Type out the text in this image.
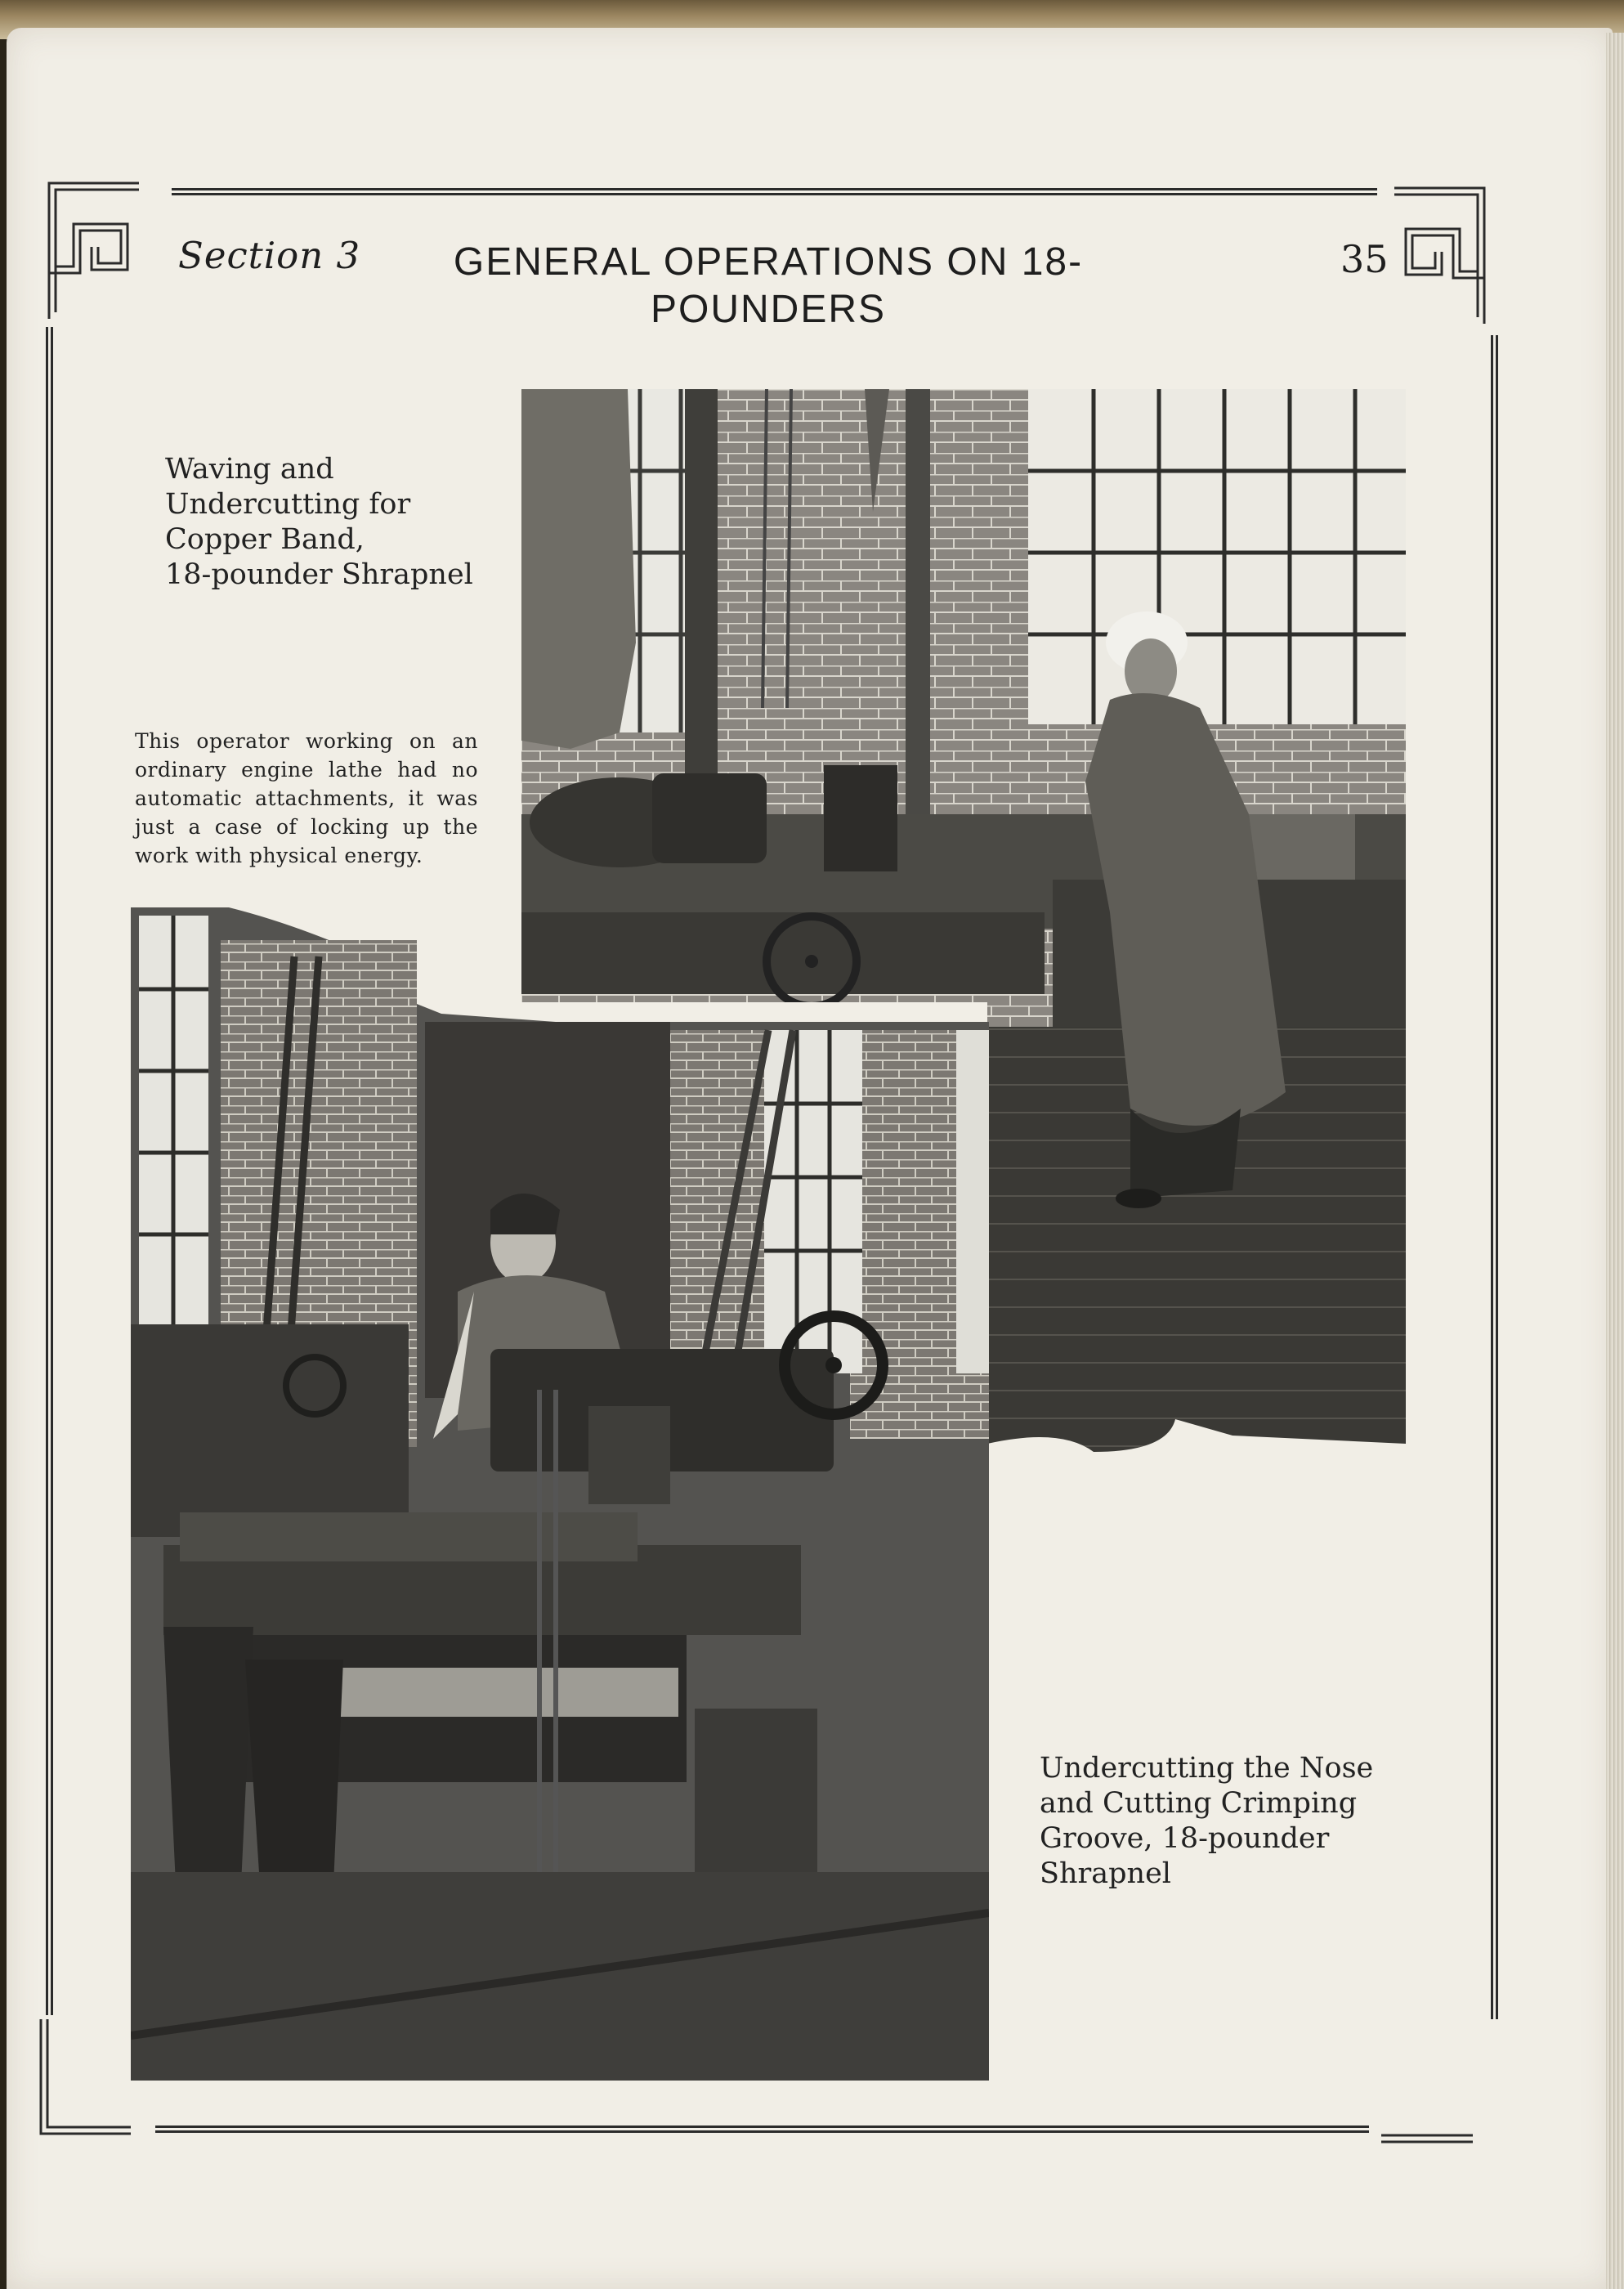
Section 3	GENERAL OPERATIONS ON 18-POUNDERS
35
Waving and
Undercutting for
Copper Band,
18-pounder Shrapnel
This operator working on an ordinary engine lathe had no automatic attachments, it was just a case of locking up the work with physical energy.
Undercutting the Nose
and Cutting Crimping
Groove, 18-pounder
Shrapnel
